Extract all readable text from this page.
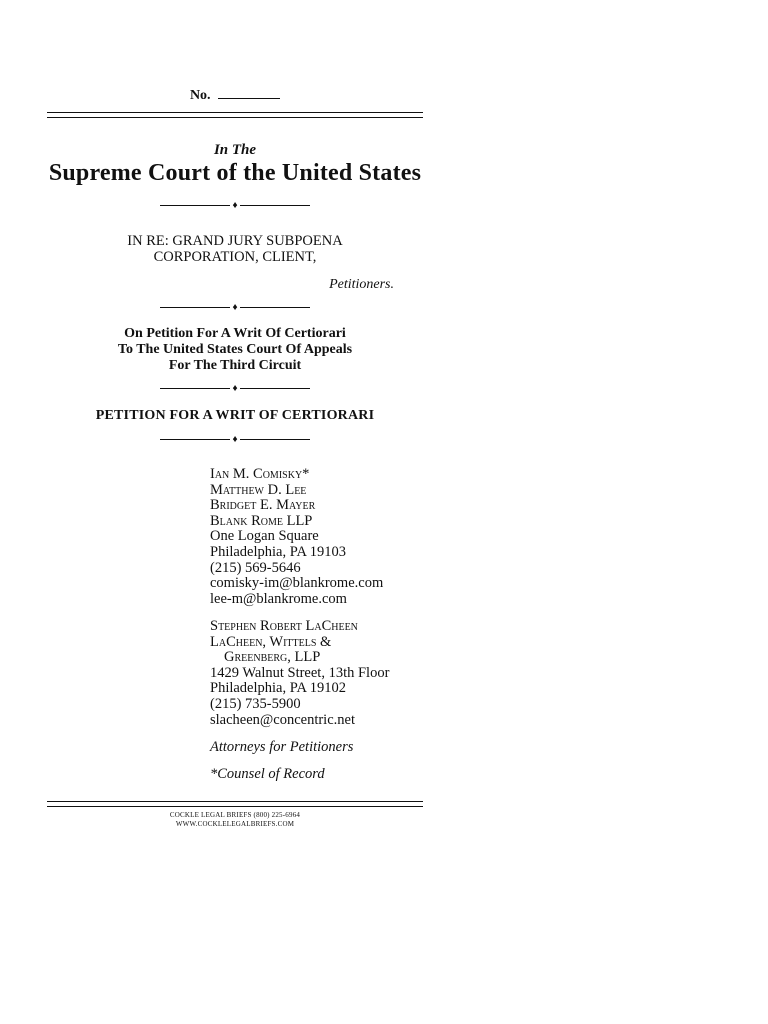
No.
In The
Supreme Court of the United States
♦
IN RE: GRAND JURY SUBPOENA
CORPORATION, CLIENT,
Petitioners.
♦
On Petition For A Writ Of Certiorari
To The United States Court Of Appeals
For The Third Circuit
♦
PETITION FOR A WRIT OF CERTIORARI
♦
Ian M. Comisky*
Matthew D. Lee
Bridget E. Mayer
Blank Rome LLP
One Logan Square
Philadelphia, PA 19103
(215) 569-5646
comisky-im@blankrome.com
lee-m@blankrome.com
Stephen Robert LaCheen
LaCheen, Wittels &
Greenberg, LLP
1429 Walnut Street, 13th Floor
Philadelphia, PA 19102
(215) 735-5900
slacheen@concentric.net
Attorneys for Petitioners
*Counsel of Record
COCKLE LEGAL BRIEFS (800) 225-6964
WWW.COCKLELEGALBRIEFS.COM
